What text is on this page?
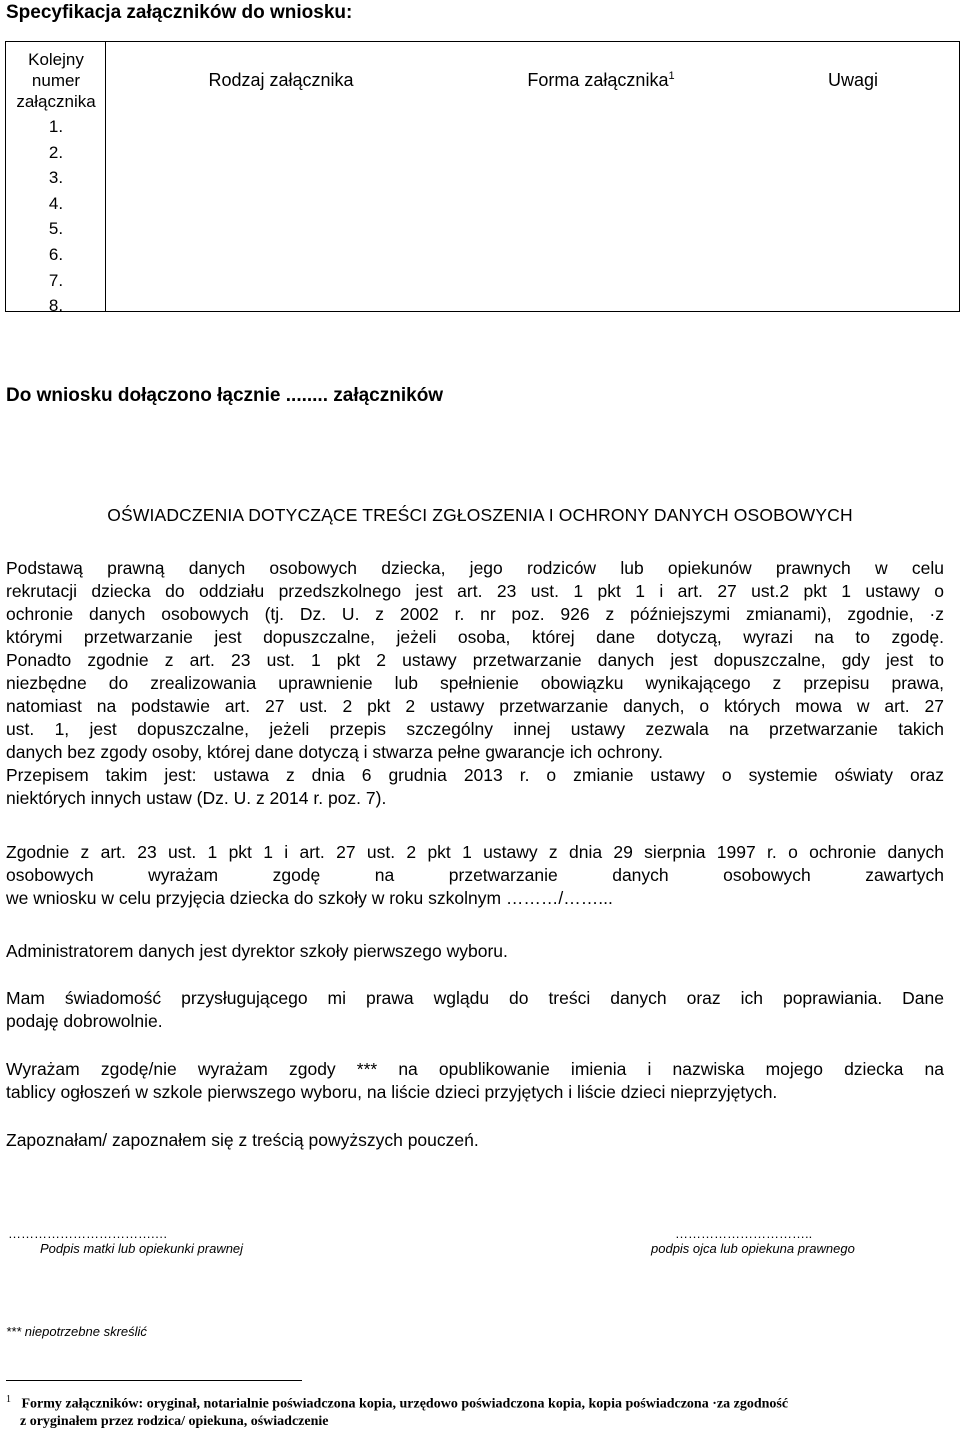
Specyfikacja załączników do wniosku:
Kolejny
numer
załącznika
1.
2.
3.
4.
5.
6.
7.
8.
Rodzaj załącznika	Forma załącznika$^1$	Uwagi
Do wniosku dołączono łącznie ........ załączników
OŚWIADCZENIA DOTYCZĄCE TREŚCI ZGŁOSZENIA I OCHRONY DANYCH OSOBOWYCH
Podstawą prawną danych osobowych dziecka, jego rodziców lub opiekunów prawnych w celu
rekrutacji dziecka do oddziału przedszkolnego jest art. 23 ust. 1 pkt 1 i art. 27 ust.2 pkt 1 ustawy o
ochronie danych osobowych (tj. Dz. U. z 2002 r. nr poz. 926 z późniejszymi zmianami), zgodnie, ·z
którymi przetwarzanie jest dopuszczalne, jeżeli osoba, której dane dotyczą, wyrazi na to zgodę.
Ponadto zgodnie z art. 23 ust. 1 pkt 2 ustawy przetwarzanie danych jest dopuszczalne, gdy jest to
niezbędne do zrealizowania uprawnienie lub spełnienie obowiązku wynikającego z przepisu prawa,
natomiast na podstawie art. 27 ust. 2 pkt 2 ustawy przetwarzanie danych, o których mowa w art. 27
ust. 1, jest dopuszczalne, jeżeli przepis szczególny innej ustawy zezwala na przetwarzanie takich
danych bez zgody osoby, której dane dotyczą i stwarza pełne gwarancje ich ochrony.
Przepisem takim jest: ustawa z dnia 6 grudnia 2013 r. o zmianie ustawy o systemie oświaty oraz
niektórych innych ustaw (Dz. U. z 2014 r. poz. 7).
Zgodnie z art. 23 ust. 1 pkt 1 i art. 27 ust. 2 pkt 1 ustawy z dnia 29 sierpnia 1997 r. o ochronie danych
osobowych wyrażam zgodę na przetwarzanie danych osobowych zawartych
we wniosku w celu przyjęcia dziecka do szkoły w roku szkolnym ………/……...
Administratorem danych jest dyrektor szkoły pierwszego wyboru.
Mam świadomość przysługującego mi prawa wglądu do treści danych oraz ich poprawiania. Dane
podaję dobrowolnie.
Wyrażam zgodę/nie wyrażam zgody *** na opublikowanie imienia i nazwiska mojego dziecka na
tablicy ogłoszeń w szkole pierwszego wyboru, na liście dzieci przyjętych i liście dzieci nieprzyjętych.
Zapoznałam/ zapoznałem się z treścią powyższych pouczeń.
…………………………….…
Podpis matki lub opiekunki prawnej
…………………………..
podpis ojca lub opiekuna prawnego
*** niepotrzebne skreślić
$^1$ Formy załączników: oryginał, notarialnie poświadczona kopia, urzędowo poświadczona kopia, kopia poświadczona ·za zgodność
z oryginałem przez rodzica/ opiekuna, oświadczenie
